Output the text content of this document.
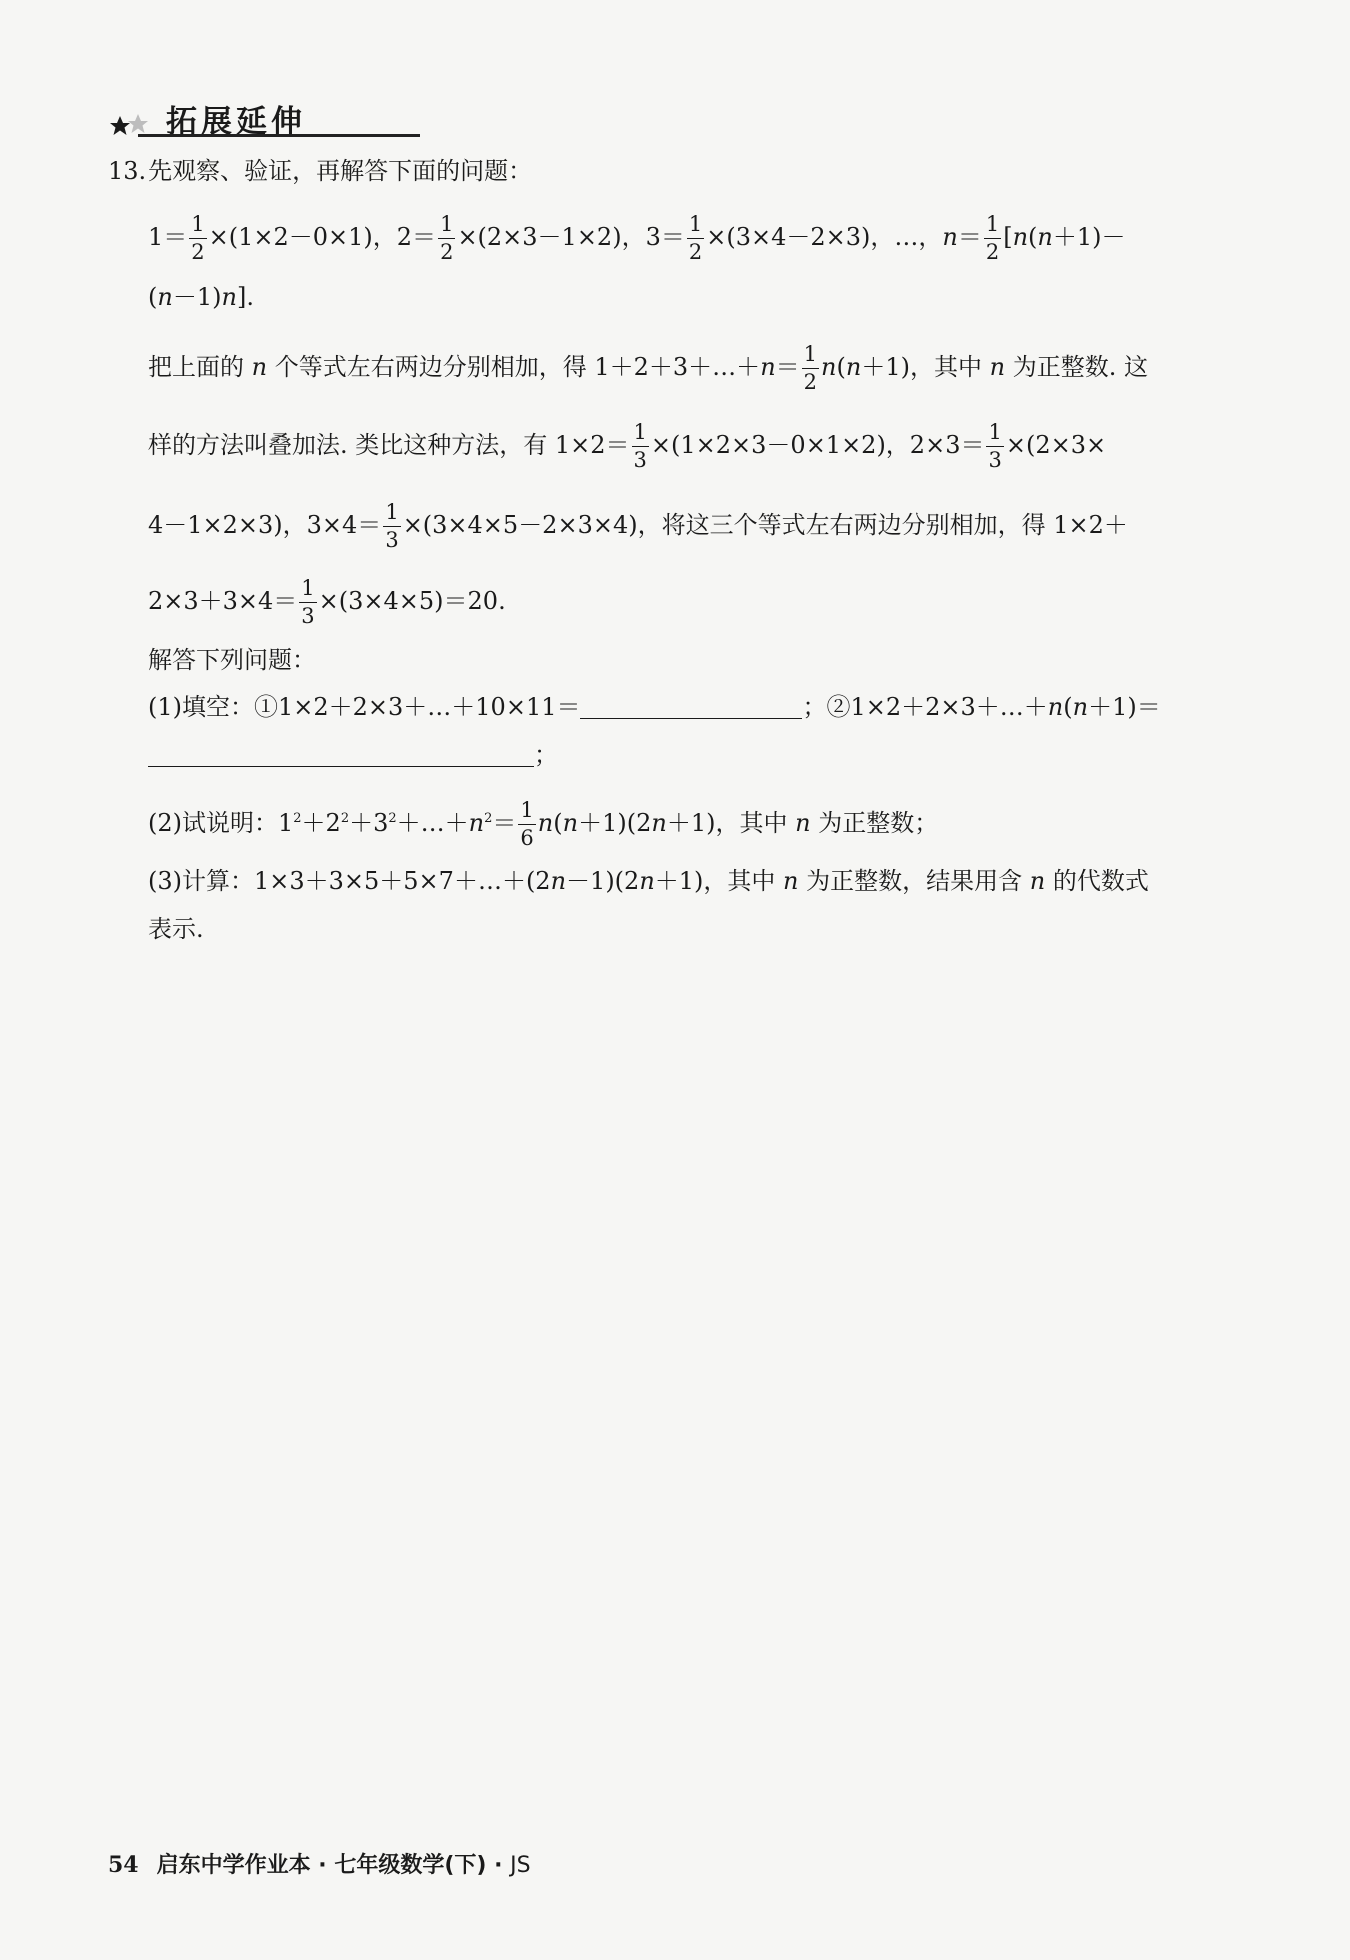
拓展延伸
13.先观察、验证，再解答下面的问题：
$1= \frac{1}{2} \times(1\times 2-0\times 1)$，$2= \frac{1}{2} \times(2\times 3-1\times 2)$，$3= \frac{1}{2} \times(3\times 4-2\times 3)$，…，$n= \frac{1}{2} [n(n+1)-$
(n－1)n].
把上面的 n 个等式左右两边分别相加，得 1＋2＋3＋…＋n＝ $\frac{1}{2} n(n+1)$，其中 n 为正整数. 这
样的方法叫叠加法. 类比这种方法，有 $1\times 2= \frac{1}{3} \times(1\times 2\times 3-0\times 1\times 2)$，$2\times 3= \frac{1}{3} \times(2\times 3\times$
4－1×2×3)，$3\times 4= \frac{1}{3} \times(3\times 4\times 5-2\times 3\times 4)$，将这三个等式左右两边分别相加，得 1×2＋
$2\times 3+3\times 4= \frac{1}{3} \times(3\times 4\times 5)=20$.
解答下列问题：
(1)填空：①1×2＋2×3＋…＋10×11＝	；②1×2＋2×3＋…＋n(n＋1)＝
；
(2)试说明：$1^2+2^2+3^2+\dots+n^2= \frac{1}{6} n(n+1)(2n+1)$，其中 n 为正整数；
(3)计算：1×3＋3×5＋5×7＋…＋(2n－1)(2n＋1)，其中 n 为正整数，结果用含 n 的代数式
表示.
54 启东中学作业本 · 七年级数学(下) · JS
